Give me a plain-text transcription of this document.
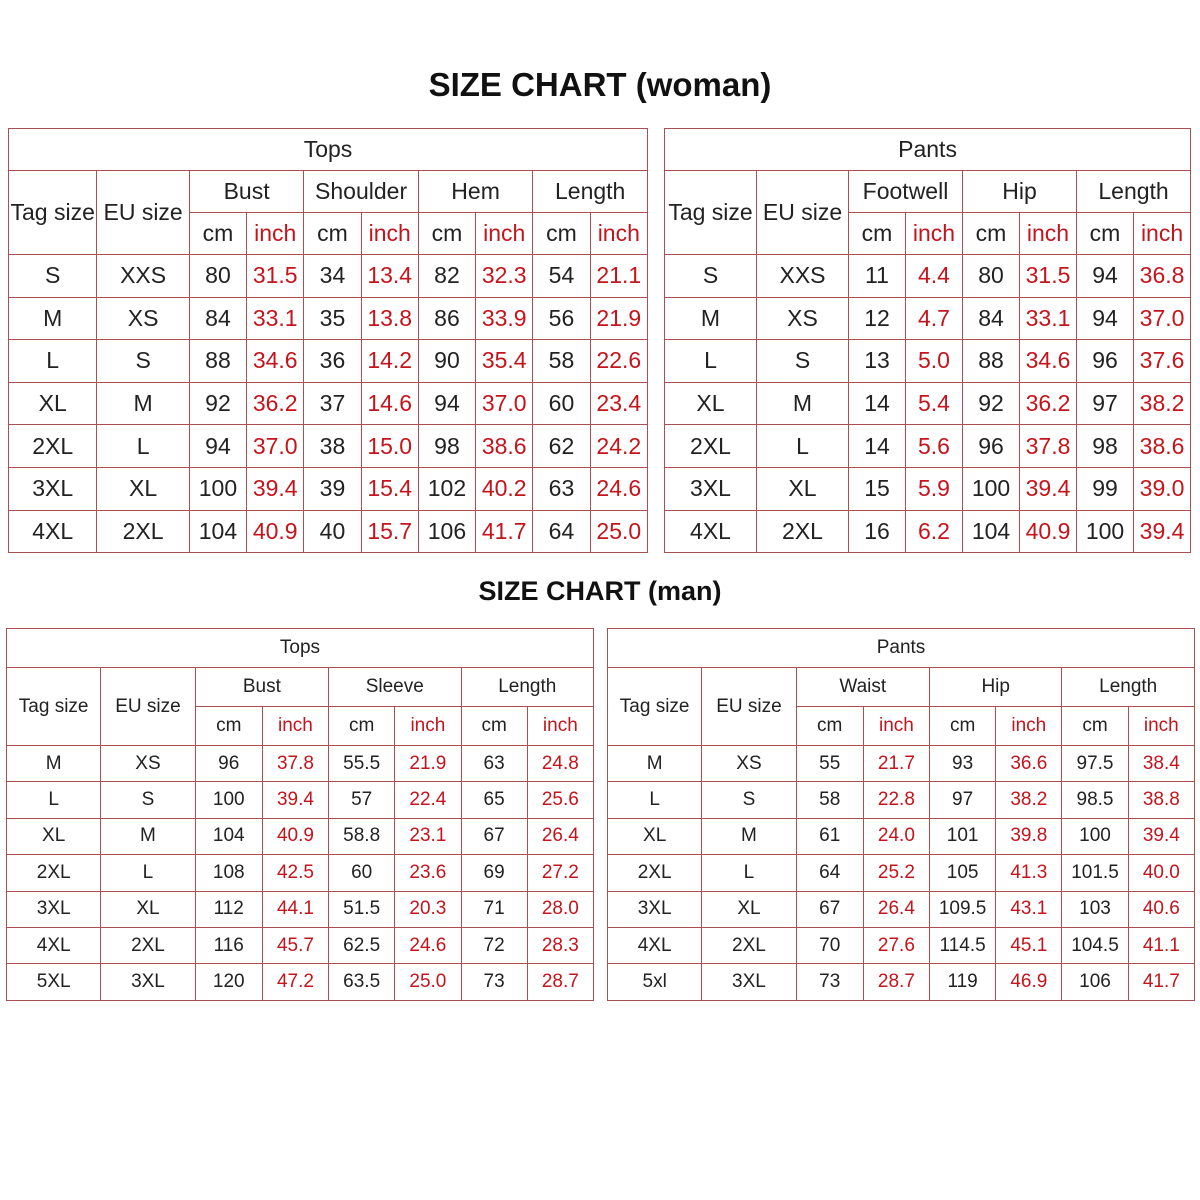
SIZE CHART (woman)
Tops									
Tag size	EU size	Bust		Shoulder		Hem		Length	
		cm	inch	cm	inch	cm	inch	cm	inch
S	XXS	80	31.5	34	13.4	82	32.3	54	21.1
M	XS	84	33.1	35	13.8	86	33.9	56	21.9
L	S	88	34.6	36	14.2	90	35.4	58	22.6
XL	M	92	36.2	37	14.6	94	37.0	60	23.4
2XL	L	94	37.0	38	15.0	98	38.6	62	24.2
3XL	XL	100	39.4	39	15.4	102	40.2	63	24.6
4XL	2XL	104	40.9	40	15.7	106	41.7	64	25.0
Pants							
Tag size	EU size	Footwell		Hip		Length	
		cm	inch	cm	inch	cm	inch
S	XXS	11	4.4	80	31.5	94	36.8
M	XS	12	4.7	84	33.1	94	37.0
L	S	13	5.0	88	34.6	96	37.6
XL	M	14	5.4	92	36.2	97	38.2
2XL	L	14	5.6	96	37.8	98	38.6
3XL	XL	15	5.9	100	39.4	99	39.0
4XL	2XL	16	6.2	104	40.9	100	39.4
SIZE CHART (man)
Tops							
Tag size	EU size	Bust		Sleeve		Length	
		cm	inch	cm	inch	cm	inch
M	XS	96	37.8	55.5	21.9	63	24.8
L	S	100	39.4	57	22.4	65	25.6
XL	M	104	40.9	58.8	23.1	67	26.4
2XL	L	108	42.5	60	23.6	69	27.2
3XL	XL	112	44.1	51.5	20.3	71	28.0
4XL	2XL	116	45.7	62.5	24.6	72	28.3
5XL	3XL	120	47.2	63.5	25.0	73	28.7
Pants							
Tag size	EU size	Waist		Hip		Length	
		cm	inch	cm	inch	cm	inch
M	XS	55	21.7	93	36.6	97.5	38.4
L	S	58	22.8	97	38.2	98.5	38.8
XL	M	61	24.0	101	39.8	100	39.4
2XL	L	64	25.2	105	41.3	101.5	40.0
3XL	XL	67	26.4	109.5	43.1	103	40.6
4XL	2XL	70	27.6	114.5	45.1	104.5	41.1
5xl	3XL	73	28.7	119	46.9	106	41.7
